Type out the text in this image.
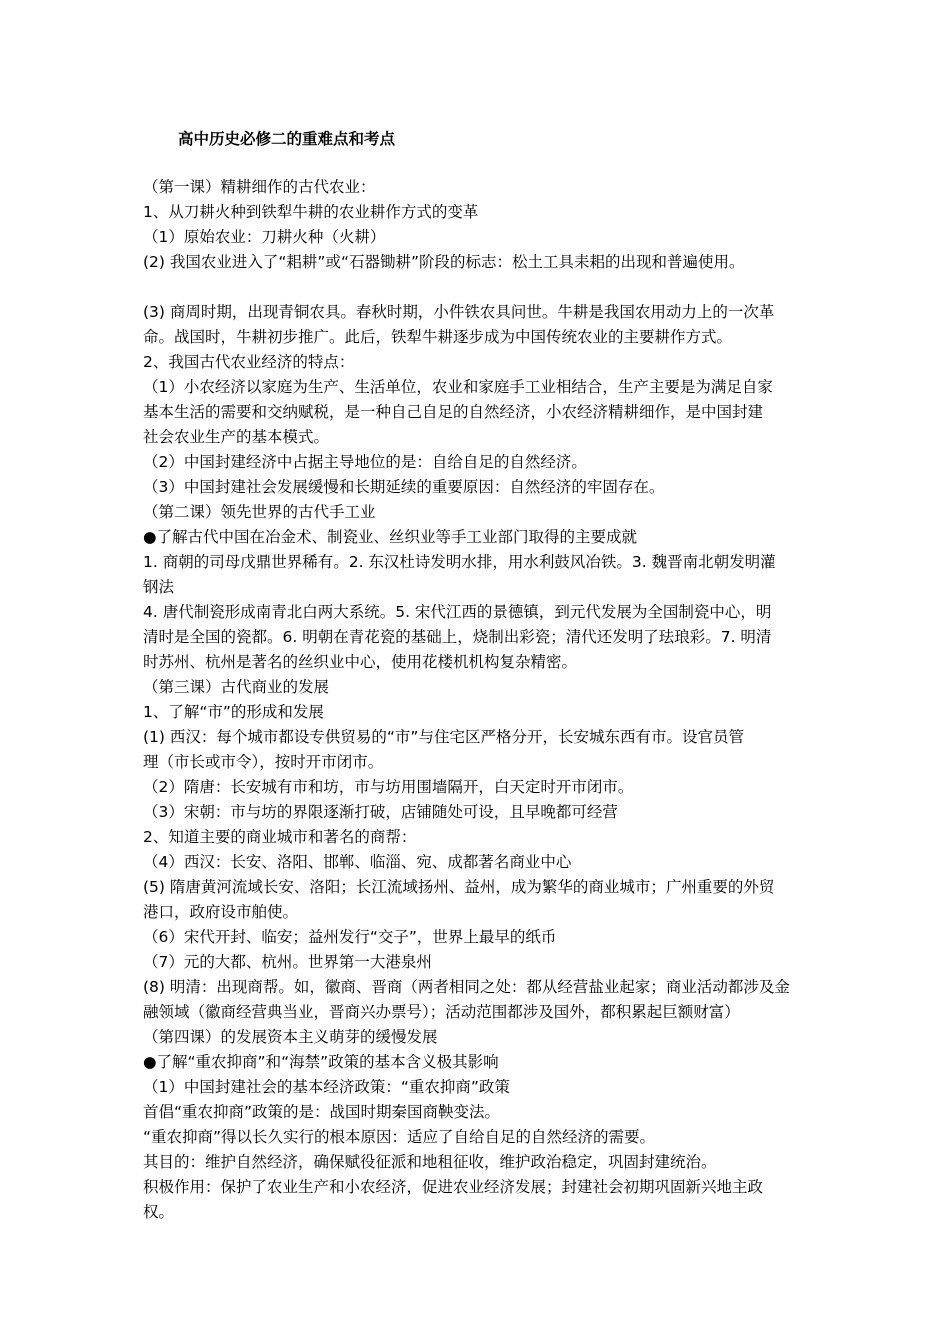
高中历史必修二的重难点和考点
（第一课）精耕细作的古代农业：
1、从刀耕火种到铁犁牛耕的农业耕作方式的变革
（1）原始农业：刀耕火种（火耕）
(2) 我国农业进入了“耜耕”或“石器锄耕”阶段的标志：松土工具耒耜的出现和普遍使用。
(3) 商周时期，出现青铜农具。春秋时期，小件铁农具问世。牛耕是我国农用动力上的一次革
命。战国时，牛耕初步推广。此后，铁犁牛耕逐步成为中国传统农业的主要耕作方式。
2、我国古代农业经济的特点：
（1）小农经济以家庭为生产、生活单位，农业和家庭手工业相结合，生产主要是为满足自家
基本生活的需要和交纳赋税，是一种自己自足的自然经济，小农经济精耕细作，是中国封建
社会农业生产的基本模式。
（2）中国封建经济中占据主导地位的是：自给自足的自然经济。
（3）中国封建社会发展缓慢和长期延续的重要原因：自然经济的牢固存在。
（第二课）领先世界的古代手工业
●了解古代中国在冶金术、制瓷业、丝织业等手工业部门取得的主要成就
1. 商朝的司母戊鼎世界稀有。2. 东汉杜诗发明水排，用水利鼓风冶铁。3. 魏晋南北朝发明灌
钢法
4. 唐代制瓷形成南青北白两大系统。5. 宋代江西的景德镇，到元代发展为全国制瓷中心，明
清时是全国的瓷都。6. 明朝在青花瓷的基础上，烧制出彩瓷；清代还发明了珐琅彩。7. 明清
时苏州、杭州是著名的丝织业中心，使用花楼机机构复杂精密。
（第三课）古代商业的发展
1、了解“市”的形成和发展
(1) 西汉：每个城市都设专供贸易的“市”与住宅区严格分开，长安城东西有市。设官员管
理（市长或市令），按时开市闭市。
（2）隋唐：长安城有市和坊，市与坊用围墙隔开，白天定时开市闭市。
（3）宋朝：市与坊的界限逐渐打破，店铺随处可设，且早晚都可经营
2、知道主要的商业城市和著名的商帮：
（4）西汉：长安、洛阳、邯郸、临淄、宛、成都著名商业中心
(5) 隋唐黄河流域长安、洛阳；长江流域扬州、益州，成为繁华的商业城市；广州重要的外贸
港口，政府设市舶使。
（6）宋代开封、临安；益州发行“交子”，世界上最早的纸币
（7）元的大都、杭州。世界第一大港泉州
(8) 明清：出现商帮。如，徽商、晋商（两者相同之处：都从经营盐业起家；商业活动都涉及金
融领域（徽商经营典当业，晋商兴办票号）；活动范围都涉及国外，都积累起巨额财富）
（第四课）的发展资本主义萌芽的缓慢发展
●了解“重农抑商”和“海禁”政策的基本含义极其影响
（1）中国封建社会的基本经济政策：“重农抑商”政策
首倡“重农抑商”政策的是：战国时期秦国商鞅变法。
“重农抑商”得以长久实行的根本原因：适应了自给自足的自然经济的需要。
其目的：维护自然经济，确保赋役征派和地租征收，维护政治稳定，巩固封建统治。
积极作用：保护了农业生产和小农经济，促进农业经济发展；封建社会初期巩固新兴地主政
权。
